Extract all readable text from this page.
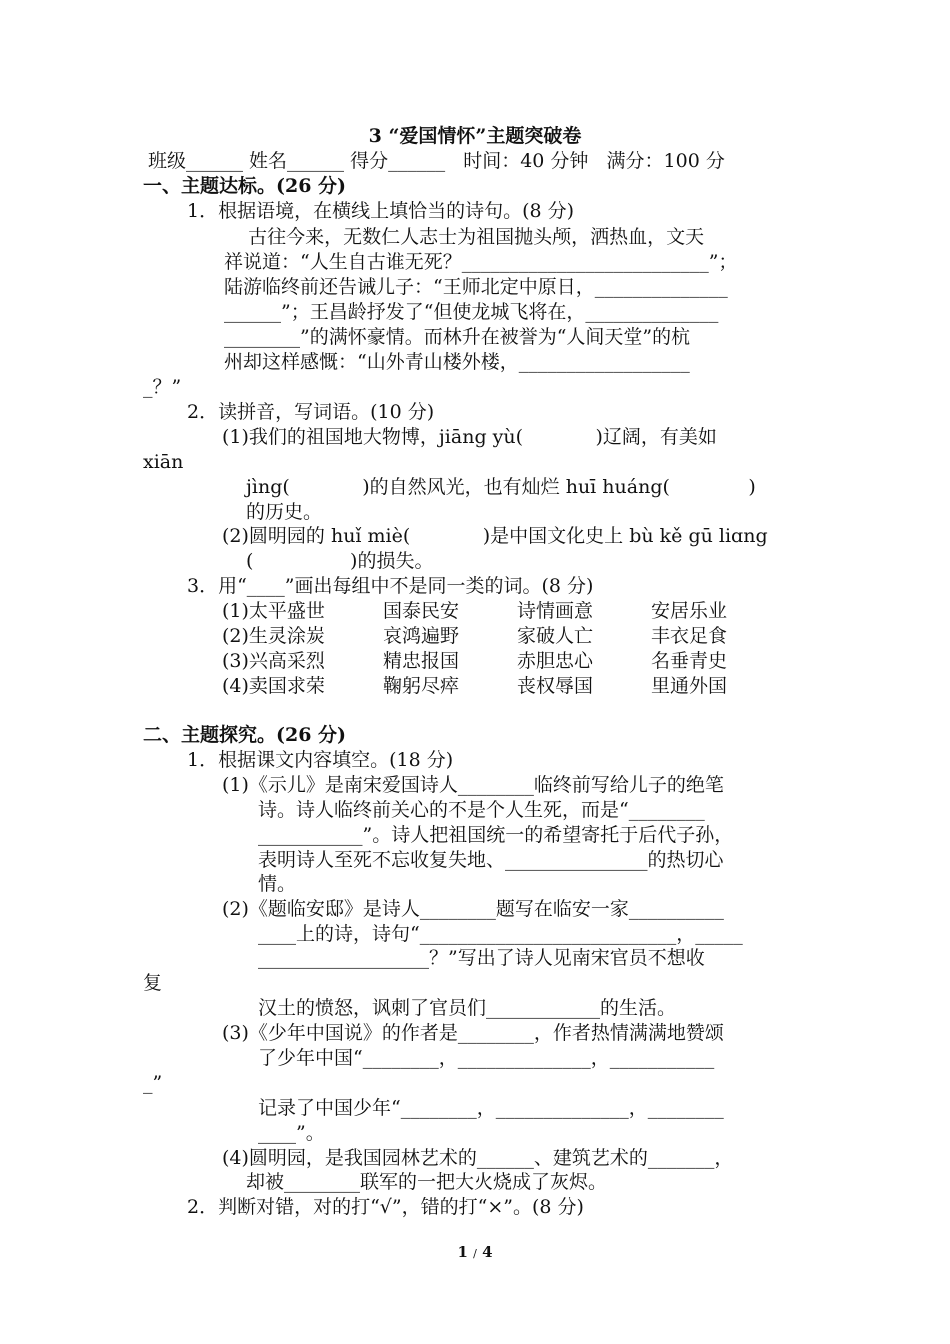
3 “爱国情怀”主题突破卷
班级______ 姓名______ 得分______   时间：40 分钟   满分：100 分
一、主题达标。(26 分)
1．根据语境，在横线上填恰当的诗句。(8 分)
古往今来，无数仁人志士为祖国抛头颅，洒热血，文天
祥说道：“人生自古谁无死？__________________________”；
陆游临终前还告诫儿子：“王师北定中原日，______________
______”；王昌龄抒发了“但使龙城飞将在，______________
________”的满怀豪情。而林升在被誉为“人间天堂”的杭
州却这样感慨：“山外青山楼外楼，__________________
_？”
2．读拼音，写词语。(10 分)
(1)我们的祖国地大物博，jiāng yù(            )辽阔，有美如
xiān
jìng(            )的自然风光，也有灿烂 huī huáng(             )
的历史。
(2)圆明园的 huǐ miè(            )是中国文化史上 bù kě gū liɑng
(                )的损失。
3．用“____”画出每组中不是同一类的词。(8 分)
(1)太平盛世	国泰民安	诗情画意	安居乐业
(2)生灵涂炭	哀鸿遍野	家破人亡	丰衣足食
(3)兴高采烈	精忠报国	赤胆忠心	名垂青史
(4)卖国求荣	鞠躬尽瘁	丧权辱国	里通外国
二、主题探究。(26 分)
1．根据课文内容填空。(18 分)
(1)《示儿》是南宋爱国诗人________临终前写给儿子的绝笔
诗。诗人临终前关心的不是个人生死，而是“________
___________”。诗人把祖国统一的希望寄托于后代子孙，
表明诗人至死不忘收复失地、_______________的热切心
情。
(2)《题临安邸》是诗人________题写在临安一家__________
____上的诗，诗句“___________________________，_____
__________________？”写出了诗人见南宋官员不想收
复
汉土的愤怒，讽刺了官员们____________的生活。
(3)《少年中国说》的作者是________，作者热情满满地赞颂
了少年中国“________，______________，___________
_”
记录了中国少年“________，______________，________
____”。
(4)圆明园，是我国园林艺术的______、建筑艺术的_______，
却被________联军的一把大火烧成了灰烬。
2．判断对错，对的打“√”，错的打“×”。(8 分)
1 / 4
